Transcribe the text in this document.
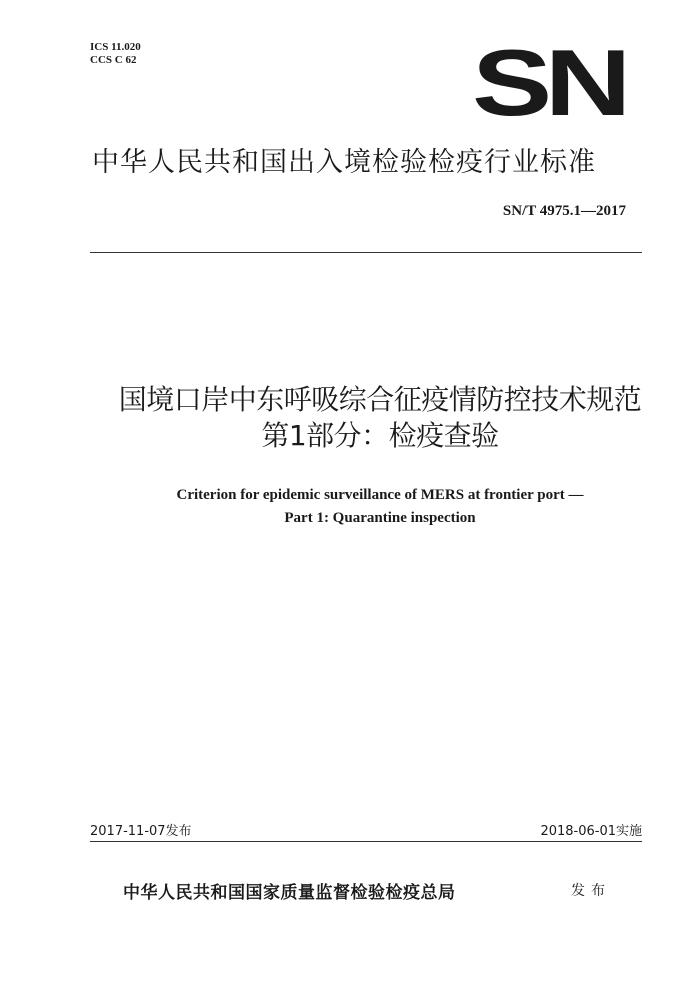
ICS 11.020
CCS C 62	SN
中华人民共和国出入境检验检疫行业标准
SN/T 4975.1—2017
国境口岸中东呼吸综合征疫情防控技术规范
第1部分：检疫查验
Criterion for epidemic surveillance of MERS at frontier port —
Part 1: Quarantine inspection
2017-11-07发布	2018-06-01实施
中华人民共和国国家质量监督检验检疫总局	发布
